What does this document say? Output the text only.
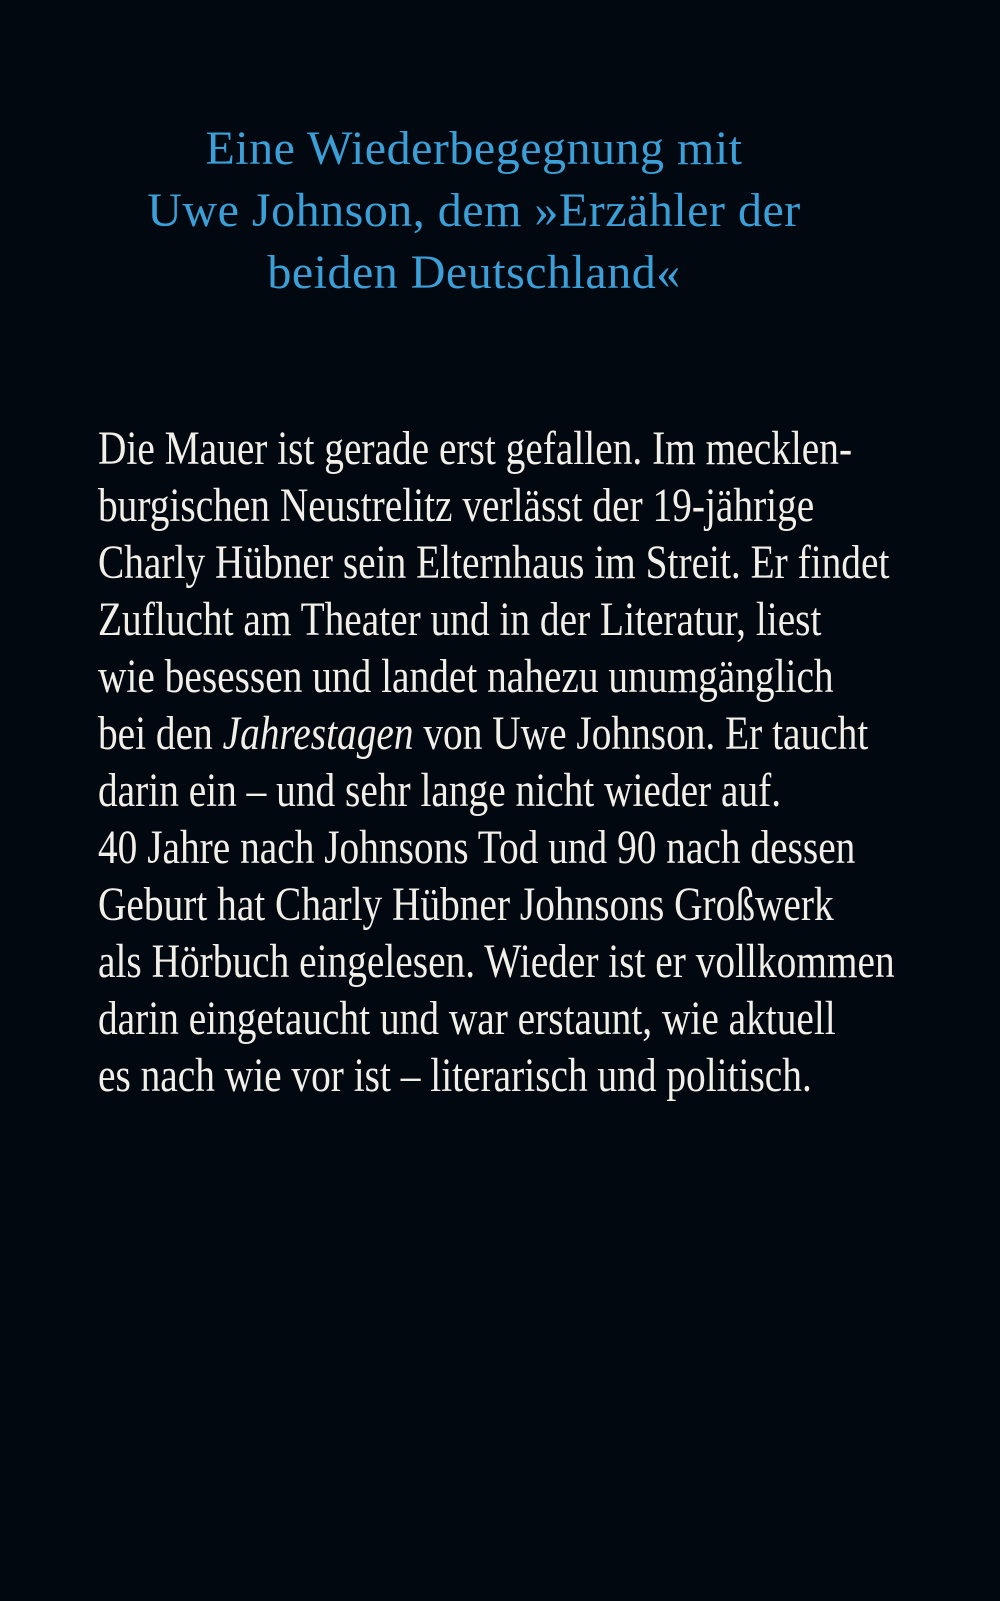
Eine Wiederbegegnung mit
Uwe Johnson, dem »Erzähler der
beiden Deutschland«
Die Mauer ist gerade erst gefallen. Im mecklen-
burgischen Neustrelitz verlässt der 19-jährige
Charly Hübner sein Elternhaus im Streit. Er findet
Zuflucht am Theater und in der Literatur, liest
wie besessen und landet nahezu unumgänglich
bei den Jahrestagen von Uwe Johnson. Er taucht
darin ein – und sehr lange nicht wieder auf.
40 Jahre nach Johnsons Tod und 90 nach dessen
Geburt hat Charly Hübner Johnsons Großwerk
als Hörbuch eingelesen. Wieder ist er vollkommen
darin eingetaucht und war erstaunt, wie aktuell
es nach wie vor ist – literarisch und politisch.
